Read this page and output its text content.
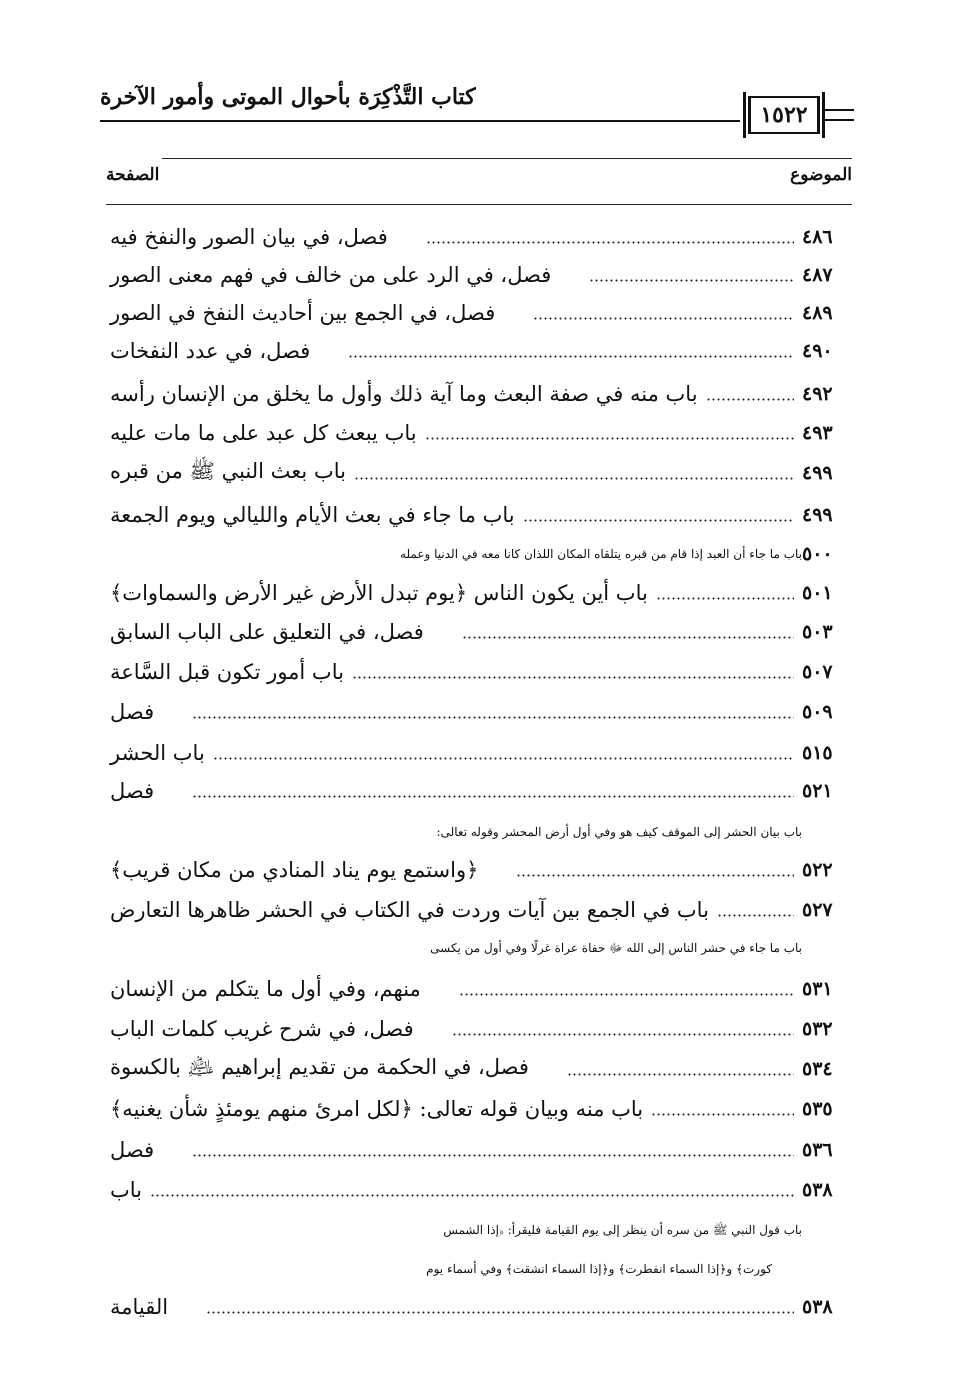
كتاب التَّذْكِرَة بأحوال الموتى وأمور الآخرة
١٥٢٢
الموضوع
الصفحة
فصل، في بيان الصور والنفخ فيه	٤٨٦
فصل، في الرد على من خالف في فهم معنى الصور	٤٨٧
فصل، في الجمع بين أحاديث النفخ في الصور	٤٨٩
فصل، في عدد النفخات	٤٩٠
باب منه في صفة البعث وما آية ذلك وأول ما يخلق من الإنسان رأسه	٤٩٢
باب يبعث كل عبد على ما مات عليه	٤٩٣
باب بعث النبي ﷺ من قبره	٤٩٩
باب ما جاء في بعث الأيام والليالي ويوم الجمعة	٤٩٩
باب ما جاء أن العبد إذا قام من قبره يتلقاه المكان اللذان كانا معه في الدنيا وعمله ٥٠٠
باب أين يكون الناس ﴿يوم تبدل الأرض غير الأرض والسماوات﴾	٥٠١
فصل، في التعليق على الباب السابق	٥٠٣
باب أمور تكون قبل السَّاعة	٥٠٧
فصل	٥٠٩
باب الحشر	٥١٥
فصل	٥٢١
باب بيان الحشر إلى الموقف كيف هو وفي أول أرض المحشر وقوله تعالى:
﴿واستمع يوم يناد المنادي من مكان قريب﴾	٥٢٢
باب في الجمع بين آيات وردت في الكتاب في الحشر ظاهرها التعارض	٥٢٧
باب ما جاء في حشر الناس إلى الله ﷻ حفاة عراة غرلًا وفي أول من يكسى
منهم، وفي أول ما يتكلم من الإنسان	٥٣١
فصل، في شرح غريب كلمات الباب	٥٣٢
فصل، في الحكمة من تقديم إبراهيم ﵇ بالكسوة	٥٣٤
باب منه وبيان قوله تعالى: ﴿لكل امرئ منهم يومئذٍ شأن يغنيه﴾	٥٣٥
فصل	٥٣٦
باب	٥٣٨
باب قول النبي ﷺ من سره أن ينظر إلى يوم القيامة فليقرأ: ﴿إذا الشمس
كورت﴾ و﴿إذا السماء انفطرت﴾ و﴿إذا السماء انشقت﴾ وفي أسماء يوم
القيامة	٥٣٨
